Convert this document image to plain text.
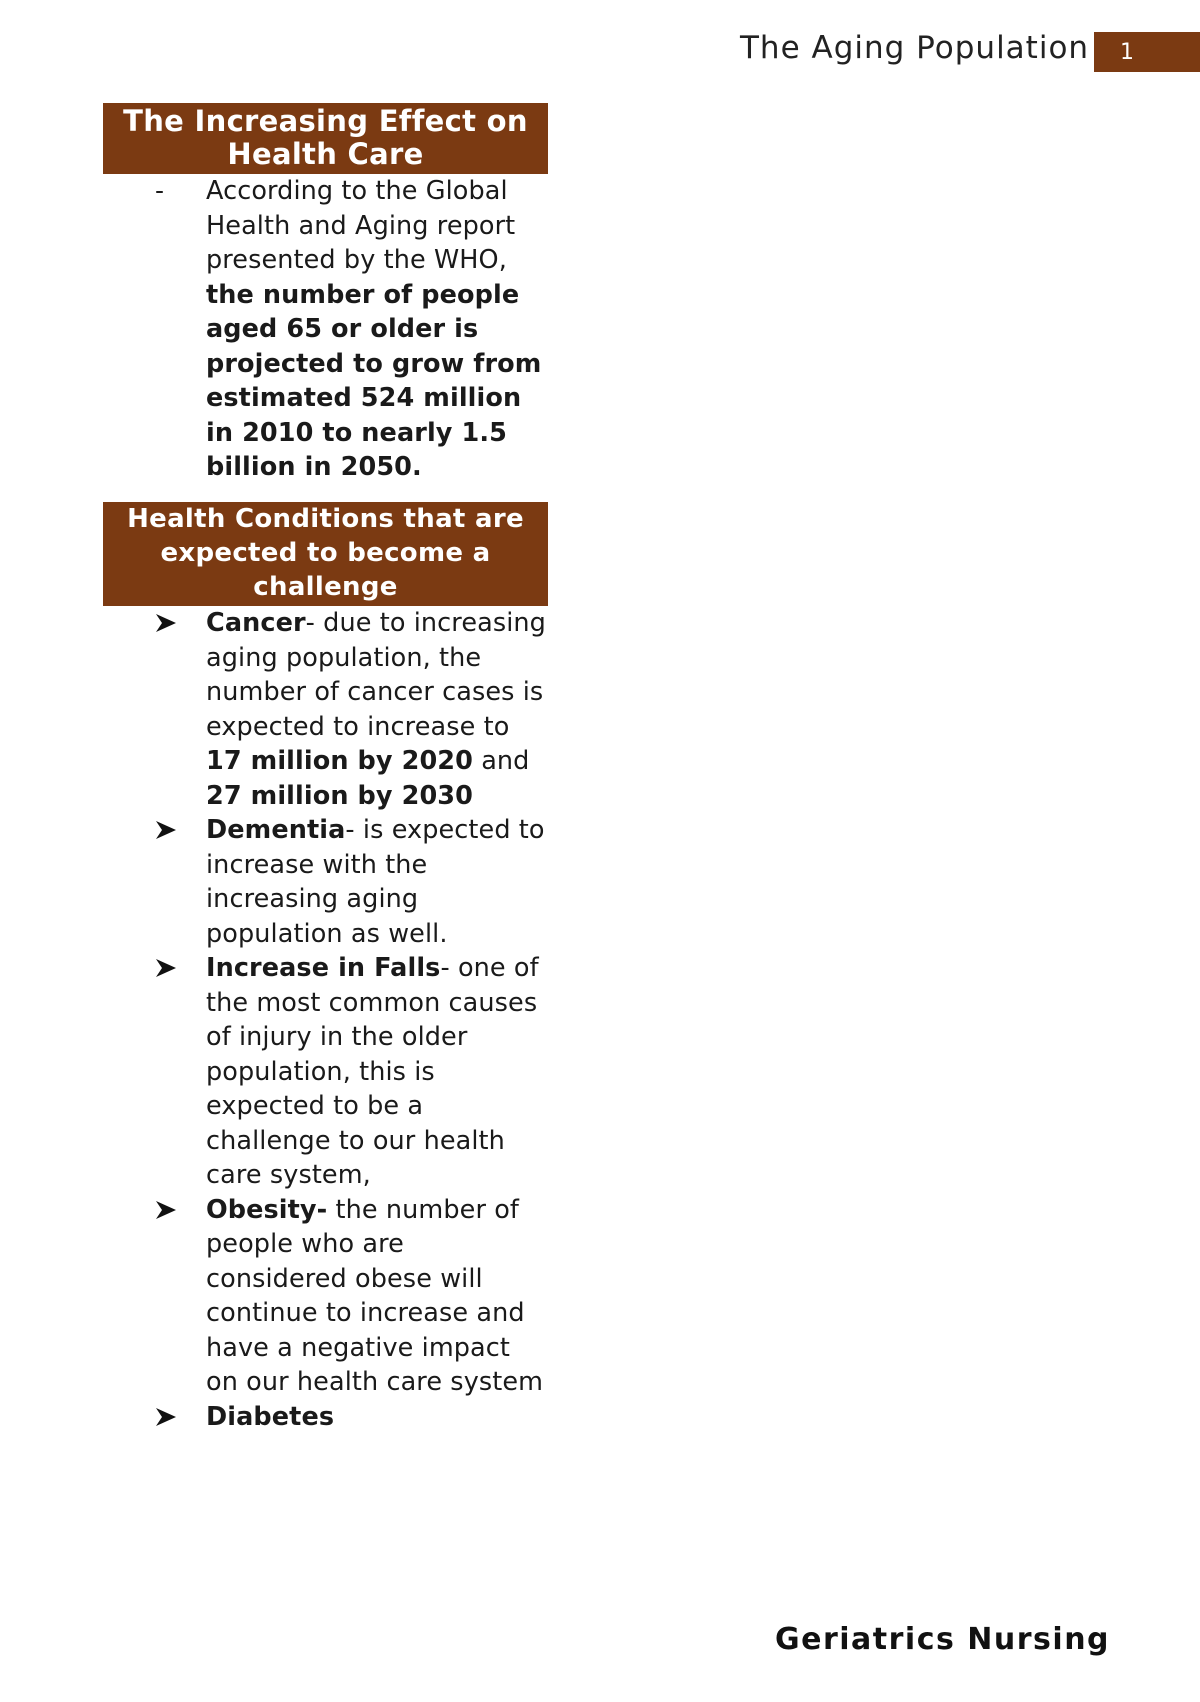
The Aging Population 1
The Increasing Effect on Health Care
- According to the Global Health and Aging report presented by the WHO, the number of people aged 65 or older is projected to grow from estimated 524 million in 2010 to nearly 1.5 billion in 2050.
Health Conditions that are expected to become a challenge
Cancer- due to increasing aging population, the number of cancer cases is expected to increase to 17 million by 2020 and 27 million by 2030
Dementia- is expected to increase with the increasing aging population as well.
Increase in Falls- one of the most common causes of injury in the older population, this is expected to be a challenge to our health care system,
Obesity- the number of people who are considered obese will continue to increase and have a negative impact on our health care system
Diabetes
Geriatrics Nursing
